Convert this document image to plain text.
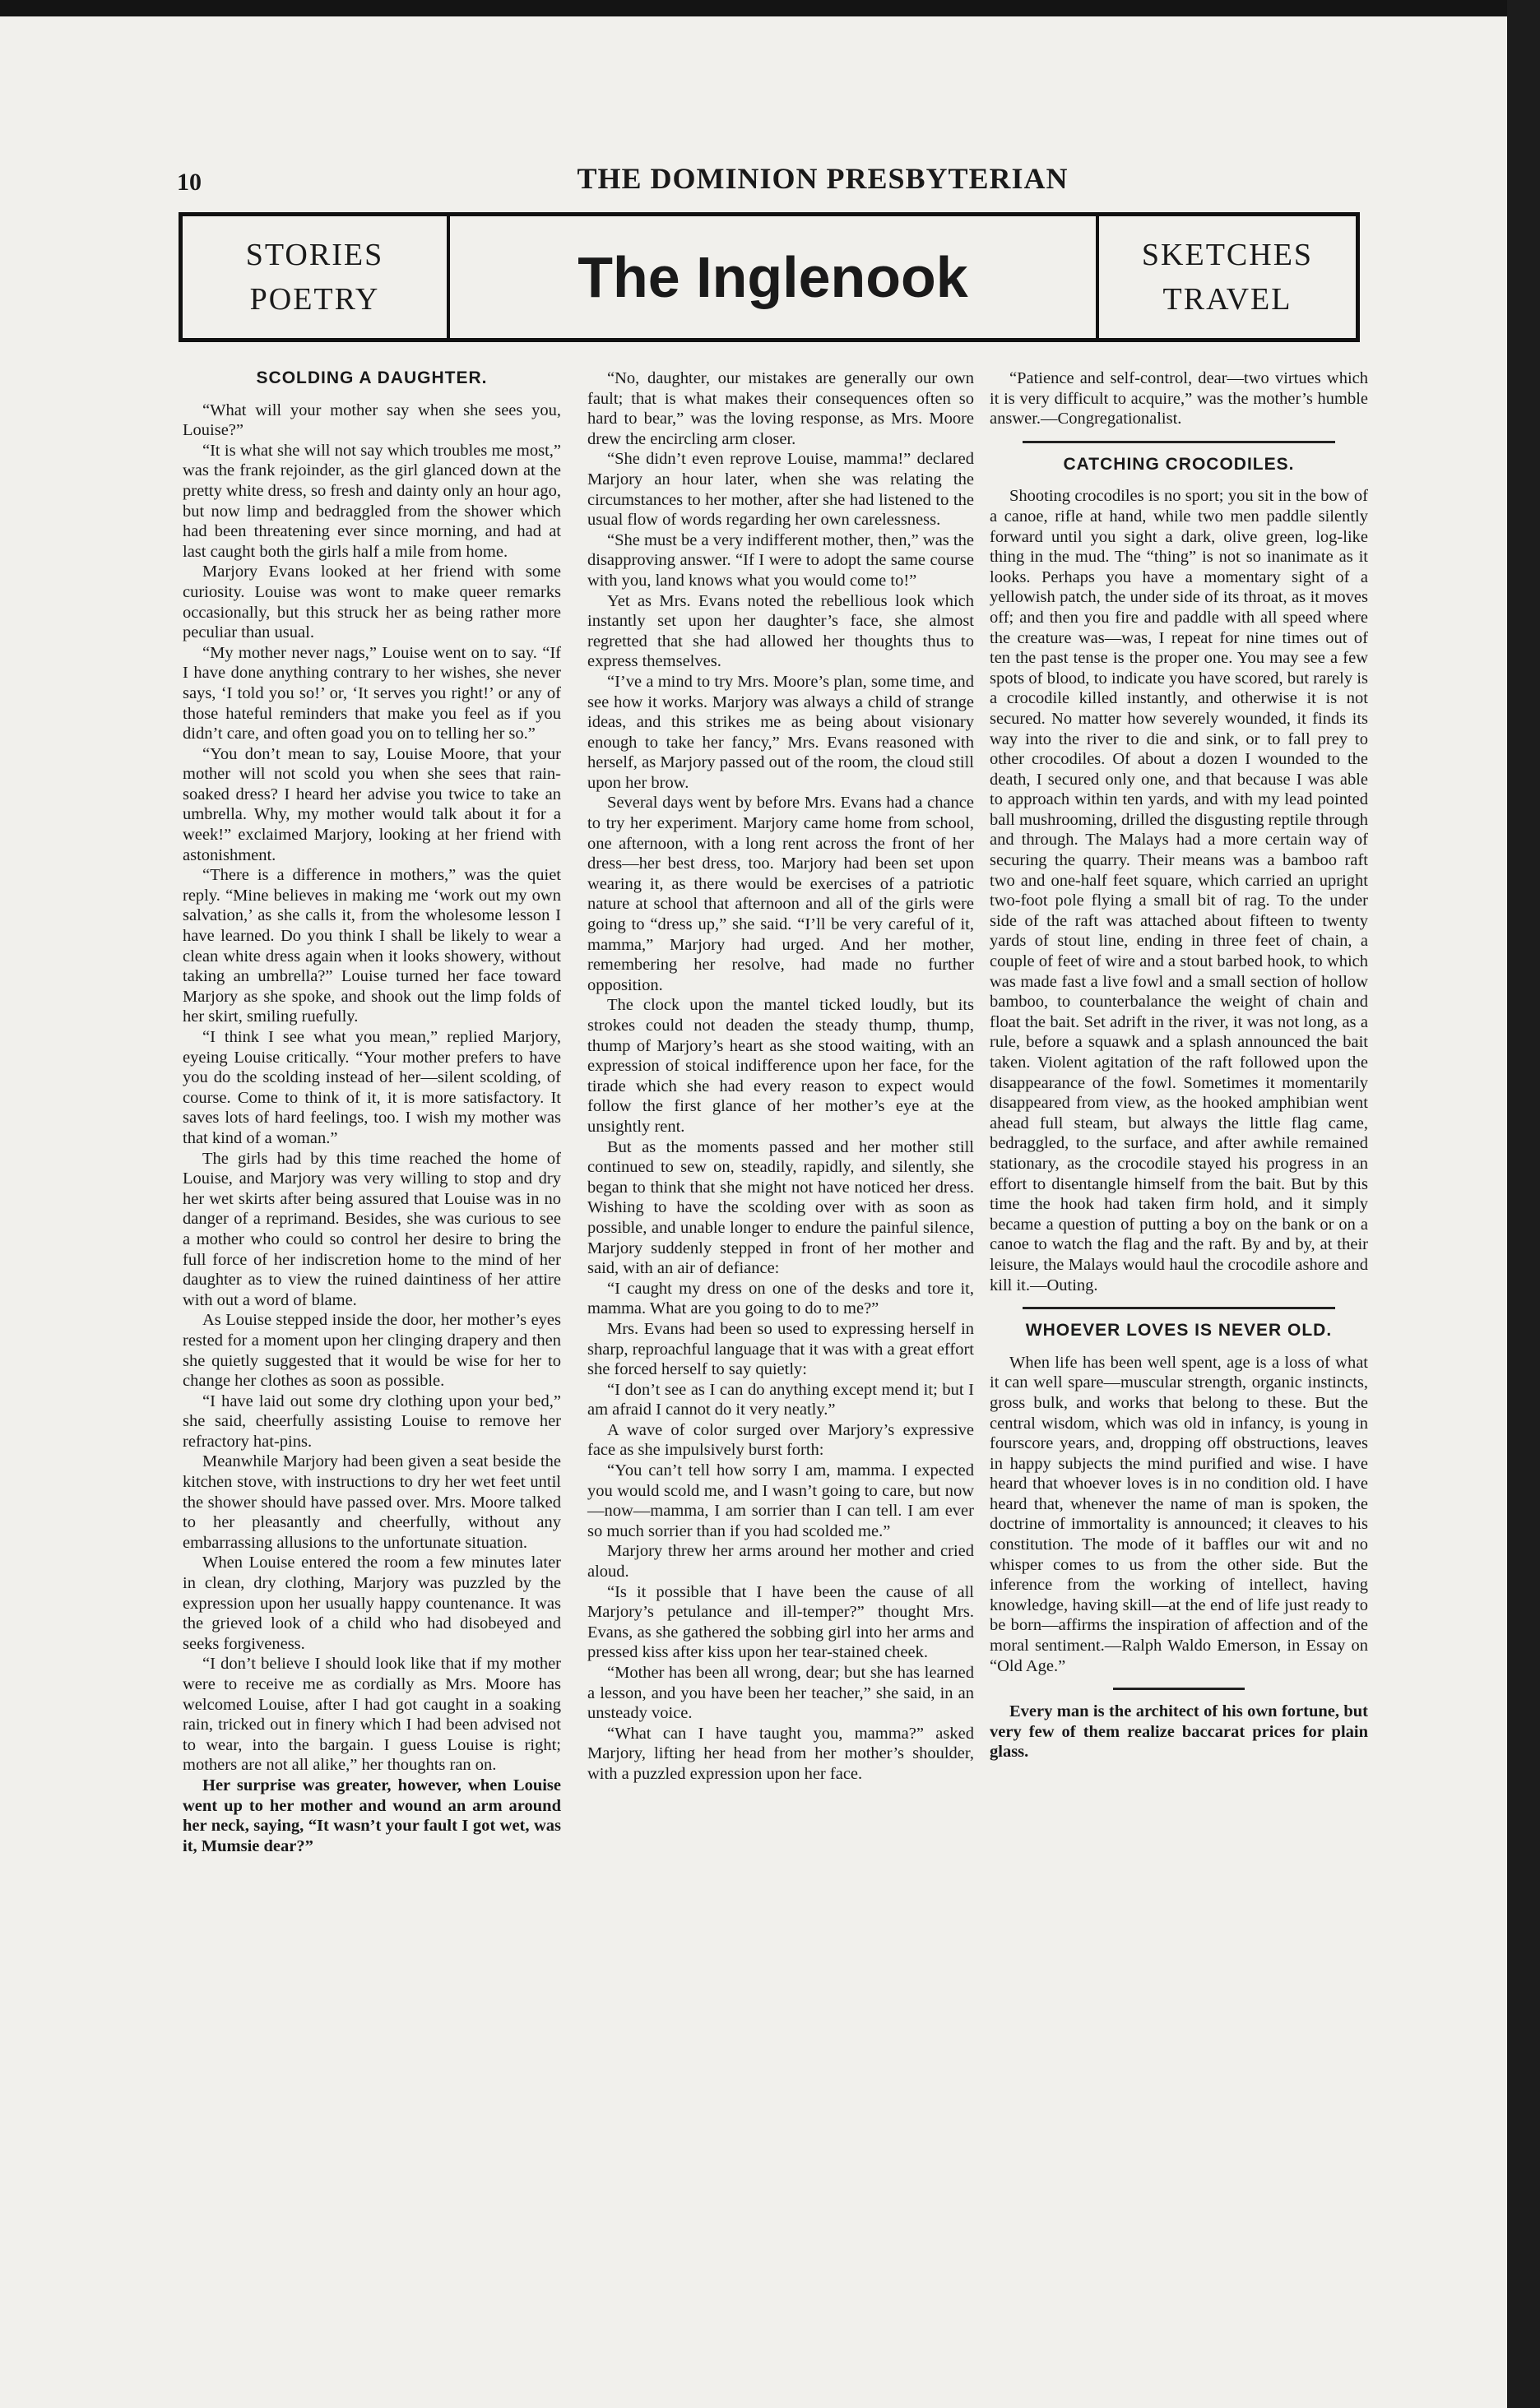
10	THE DOMINION PRESBYTERIAN
STORIES
POETRY	The Inglenook	SKETCHES
TRAVEL
SCOLDING A DAUGHTER.

“What will your mother say when she sees you, Louise?”

“It is what she will not say which troubles me most,” was the frank rejoinder, as the girl glanced down at the pretty white dress, so fresh and dainty only an hour ago, but now limp and bedraggled from the shower which had been threatening ever since morning, and had at last caught both the girls half a mile from home.

Marjory Evans looked at her friend with some curiosity. Louise was wont to make queer remarks occasionally, but this struck her as being rather more peculiar than usual.

“My mother never nags,” Louise went on to say. “If I have done anything contrary to her wishes, she never says, ‘I told you so!’ or, ‘It serves you right!’ or any of those hateful reminders that make you feel as if you didn’t care, and often goad you on to telling her so.”

“You don’t mean to say, Louise Moore, that your mother will not scold you when she sees that rain-soaked dress? I heard her advise you twice to take an umbrella. Why, my mother would talk about it for a week!” exclaimed Marjory, looking at her friend with astonishment.

“There is a difference in mothers,” was the quiet reply. “Mine believes in making me ‘work out my own salvation,’ as she calls it, from the wholesome lesson I have learned. Do you think I shall be likely to wear a clean white dress again when it looks showery, without taking an umbrella?” Louise turned her face toward Marjory as she spoke, and shook out the limp folds of her skirt, smiling ruefully.

“I think I see what you mean,” replied Marjory, eyeing Louise critically. “Your mother prefers to have you do the scolding instead of her—silent scolding, of course. Come to think of it, it is more satisfactory. It saves lots of hard feelings, too. I wish my mother was that kind of a woman.”

The girls had by this time reached the home of Louise, and Marjory was very willing to stop and dry her wet skirts after being assured that Louise was in no danger of a reprimand. Besides, she was curious to see a mother who could so control her desire to bring the full force of her indiscretion home to the mind of her daughter as to view the ruined daintiness of her attire with out a word of blame.

As Louise stepped inside the door, her mother’s eyes rested for a moment upon her clinging drapery and then she quietly suggested that it would be wise for her to change her clothes as soon as possible.

“I have laid out some dry clothing upon your bed,” she said, cheerfully assisting Louise to remove her refractory hat-pins.

Meanwhile Marjory had been given a seat beside the kitchen stove, with instructions to dry her wet feet until the shower should have passed over. Mrs. Moore talked to her pleasantly and cheerfully, without any embarrassing allusions to the unfortunate situation.

When Louise entered the room a few minutes later in clean, dry clothing, Marjory was puzzled by the expression upon her usually happy countenance. It was the grieved look of a child who had disobeyed and seeks forgiveness.

“I don’t believe I should look like that if my mother were to receive me as cordially as Mrs. Moore has welcomed Louise, after I had got caught in a soaking rain, tricked out in finery which I had been advised not to wear, into the bargain. I guess Louise is right; mothers are not all alike,” her thoughts ran on.

Her surprise was greater, however, when Louise went up to her mother and wound an arm around her neck, saying, “It wasn’t your fault I got wet, was it, Mumsie dear?”

“No, daughter, our mistakes are generally our own fault; that is what makes their consequences often so hard to bear,” was the loving response, as Mrs. Moore drew the encircling arm closer.

“She didn’t even reprove Louise, mamma!” declared Marjory an hour later, when she was relating the circumstances to her mother, after she had listened to the usual flow of words regarding her own carelessness.

“She must be a very indifferent mother, then,” was the disapproving answer. “If I were to adopt the same course with you, land knows what you would come to!”

Yet as Mrs. Evans noted the rebellious look which instantly set upon her daughter’s face, she almost regretted that she had allowed her thoughts thus to express themselves.

“I’ve a mind to try Mrs. Moore’s plan, some time, and see how it works. Marjory was always a child of strange ideas, and this strikes me as being about visionary enough to take her fancy,” Mrs. Evans reasoned with herself, as Marjory passed out of the room, the cloud still upon her brow.

Several days went by before Mrs. Evans had a chance to try her experiment. Marjory came home from school, one afternoon, with a long rent across the front of her dress—her best dress, too. Marjory had been set upon wearing it, as there would be exercises of a patriotic nature at school that afternoon and all of the girls were going to “dress up,” she said. “I’ll be very careful of it, mamma,” Marjory had urged. And her mother, remembering her resolve, had made no further opposition.

The clock upon the mantel ticked loudly, but its strokes could not deaden the steady thump, thump, thump of Marjory’s heart as she stood waiting, with an expression of stoical indifference upon her face, for the tirade which she had every reason to expect would follow the first glance of her mother’s eye at the unsightly rent.

But as the moments passed and her mother still continued to sew on, steadily, rapidly, and silently, she began to think that she might not have noticed her dress. Wishing to have the scolding over with as soon as possible, and unable longer to endure the painful silence, Marjory suddenly stepped in front of her mother and said, with an air of defiance:

“I caught my dress on one of the desks and tore it, mamma. What are you going to do to me?”

Mrs. Evans had been so used to expressing herself in sharp, reproachful language that it was with a great effort she forced herself to say quietly:

“I don’t see as I can do anything except mend it; but I am afraid I cannot do it very neatly.”

A wave of color surged over Marjory’s expressive face as she impulsively burst forth:

“You can’t tell how sorry I am, mamma. I expected you would scold me, and I wasn’t going to care, but now—now—mamma, I am sorrier than I can tell. I am ever so much sorrier than if you had scolded me.”

Marjory threw her arms around her mother and cried aloud.

“Is it possible that I have been the cause of all Marjory’s petulance and ill-temper?” thought Mrs. Evans, as she gathered the sobbing girl into her arms and pressed kiss after kiss upon her tear-stained cheek.

“Mother has been all wrong, dear; but she has learned a lesson, and you have been her teacher,” she said, in an unsteady voice.

“What can I have taught you, mamma?” asked Marjory, lifting her head from her mother’s shoulder, with a puzzled expression upon her face.

“Patience and self-control, dear—two virtues which it is very difficult to acquire,” was the mother’s humble answer.—Congregationalist.

CATCHING CROCODILES.

Shooting crocodiles is no sport; you sit in the bow of a canoe, rifle at hand, while two men paddle silently forward until you sight a dark, olive green, log-like thing in the mud. The “thing” is not so inanimate as it looks. Perhaps you have a momentary sight of a yellowish patch, the under side of its throat, as it moves off; and then you fire and paddle with all speed where the creature was—was, I repeat for nine times out of ten the past tense is the proper one. You may see a few spots of blood, to indicate you have scored, but rarely is a crocodile killed instantly, and otherwise it is not secured. No matter how severely wounded, it finds its way into the river to die and sink, or to fall prey to other crocodiles. Of about a dozen I wounded to the death, I secured only one, and that because I was able to approach within ten yards, and with my lead pointed ball mushrooming, drilled the disgusting reptile through and through. The Malays had a more certain way of securing the quarry. Their means was a bamboo raft two and one-half feet square, which carried an upright two-foot pole flying a small bit of rag. To the under side of the raft was attached about fifteen to twenty yards of stout line, ending in three feet of chain, a couple of feet of wire and a stout barbed hook, to which was made fast a live fowl and a small section of hollow bamboo, to counterbalance the weight of chain and float the bait. Set adrift in the river, it was not long, as a rule, before a squawk and a splash announced the bait taken. Violent agitation of the raft followed upon the disappearance of the fowl. Sometimes it momentarily disappeared from view, as the hooked amphibian went ahead full steam, but always the little flag came, bedraggled, to the surface, and after awhile remained stationary, as the crocodile stayed his progress in an effort to disentangle himself from the bait. But by this time the hook had taken firm hold, and it simply became a question of putting a boy on the bank or on a canoe to watch the flag and the raft. By and by, at their leisure, the Malays would haul the crocodile ashore and kill it.—Outing.

WHOEVER LOVES IS NEVER OLD.

When life has been well spent, age is a loss of what it can well spare—muscular strength, organic instincts, gross bulk, and works that belong to these. But the central wisdom, which was old in infancy, is young in fourscore years, and, dropping off obstructions, leaves in happy subjects the mind purified and wise. I have heard that whoever loves is in no condition old. I have heard that, whenever the name of man is spoken, the doctrine of immortality is announced; it cleaves to his constitution. The mode of it baffles our wit and no whisper comes to us from the other side. But the inference from the working of intellect, having knowledge, having skill—at the end of life just ready to be born—affirms the inspiration of affection and of the moral sentiment.—Ralph Waldo Emerson, in Essay on “Old Age.”

Every man is the architect of his own fortune, but very few of them realize baccarat prices for plain glass.
